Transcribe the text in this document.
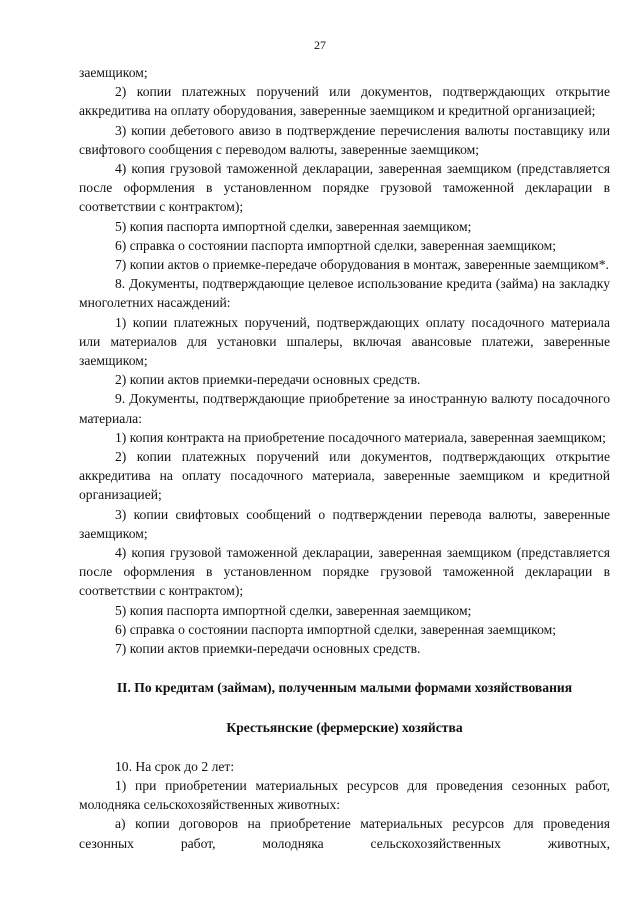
27

заемщиком;

2) копии платежных поручений или документов, подтверждающих открытие аккредитива на оплату оборудования, заверенные заемщиком и кредитной организацией;

3) копии дебетового авизо в подтверждение перечисления валюты поставщику или свифтового сообщения с переводом валюты, заверенные заемщиком;

4) копия грузовой таможенной декларации, заверенная заемщиком (представляется после оформления в установленном порядке грузовой таможенной декларации в соответствии с контрактом);

5) копия паспорта импортной сделки, заверенная заемщиком;

6) справка о состоянии паспорта импортной сделки, заверенная заемщиком;

7) копии актов о приемке-передаче оборудования в монтаж, заверенные заемщиком*.

8. Документы, подтверждающие целевое использование кредита (займа) на закладку многолетних насаждений:

1) копии платежных поручений, подтверждающих оплату посадочного материала или материалов для установки шпалеры, включая авансовые платежи, заверенные заемщиком;

2) копии актов приемки-передачи основных средств.

9. Документы, подтверждающие приобретение за иностранную валюту посадочного материала:

1) копия контракта на приобретение посадочного материала, заверенная заемщиком;

2) копии платежных поручений или документов, подтверждающих открытие аккредитива на оплату посадочного материала, заверенные заемщиком и кредитной организацией;

3) копии свифтовых сообщений о подтверждении перевода валюты, заверенные заемщиком;

4) копия грузовой таможенной декларации, заверенная заемщиком (представляется после оформления в установленном порядке грузовой таможенной декларации в соответствии с контрактом);

5) копия паспорта импортной сделки, заверенная заемщиком;

6) справка о состоянии паспорта импортной сделки, заверенная заемщиком;

7) копии актов приемки-передачи основных средств.

II. По кредитам (займам), полученным малыми формами хозяйствования
Крестьянские (фермерские) хозяйства

10. На срок до 2 лет:

1) при приобретении материальных ресурсов для проведения сезонных работ, молодняка сельскохозяйственных животных:

а) копии договоров на приобретение материальных ресурсов для проведения сезонных работ, молодняка сельскохозяйственных животных,
